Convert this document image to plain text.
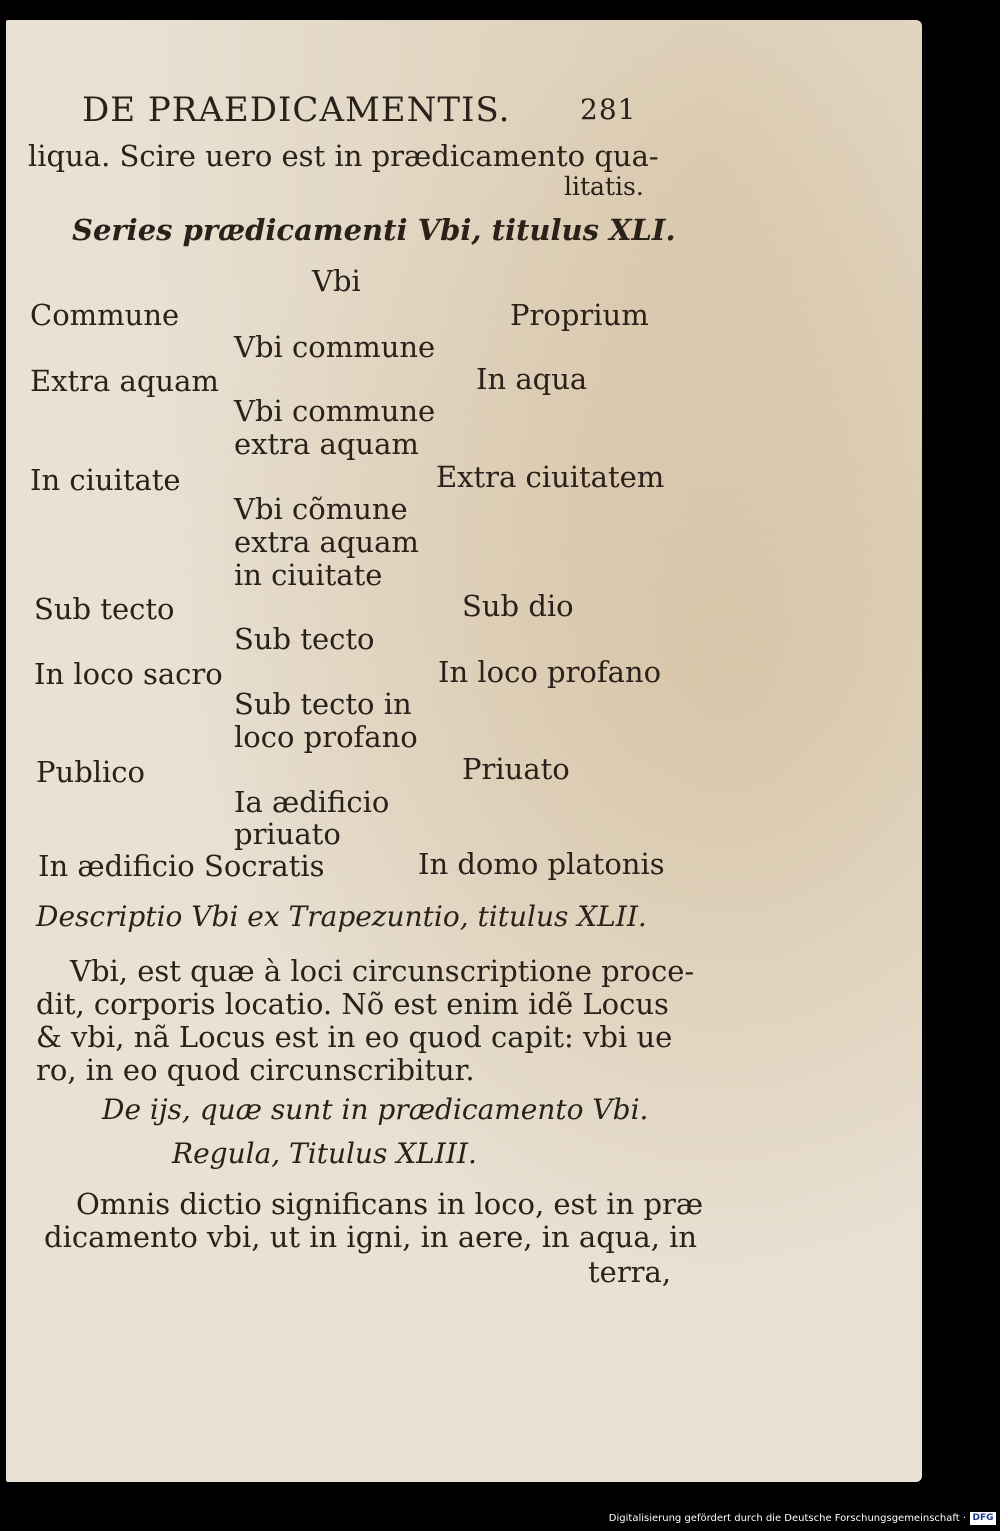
DE PRAEDICAMENTIS. 281
liqua. Scire uero est in prædicamento qua-
litatis.
Series prædicamenti Vbi, titulus XLI.
Vbi
Commune	Proprium
Vbi commune
Extra aquam	In aqua
Vbi commune
extra aquam
In ciuitate	Extra ciuitatem
Vbi cõmune
extra aquam
in ciuitate
Sub tecto	Sub dio
Sub tecto
In loco sacro	In loco profano
Sub tecto in
loco profano
Publico	Priuato
Ia ædificio
priuato
In ædificio Socratis	In domo platonis
Descriptio Vbi ex Trapezuntio, titulus XLII.
Vbi, est quæ à loci circunscriptione proce-
dit, corporis locatio. Nõ est enim idẽ Locus
& vbi, nã Locus est in eo quod capit: vbi ue
ro, in eo quod circunscribitur.
De ijs, quæ sunt in prædicamento Vbi.
Regula, Titulus XLIII.
Omnis dictio significans in loco, est in præ
dicamento vbi, ut in igni, in aere, in aqua, in
terra,
Digitalisierung gefördert durch die Deutsche Forschungsgemeinschaft · DFG
